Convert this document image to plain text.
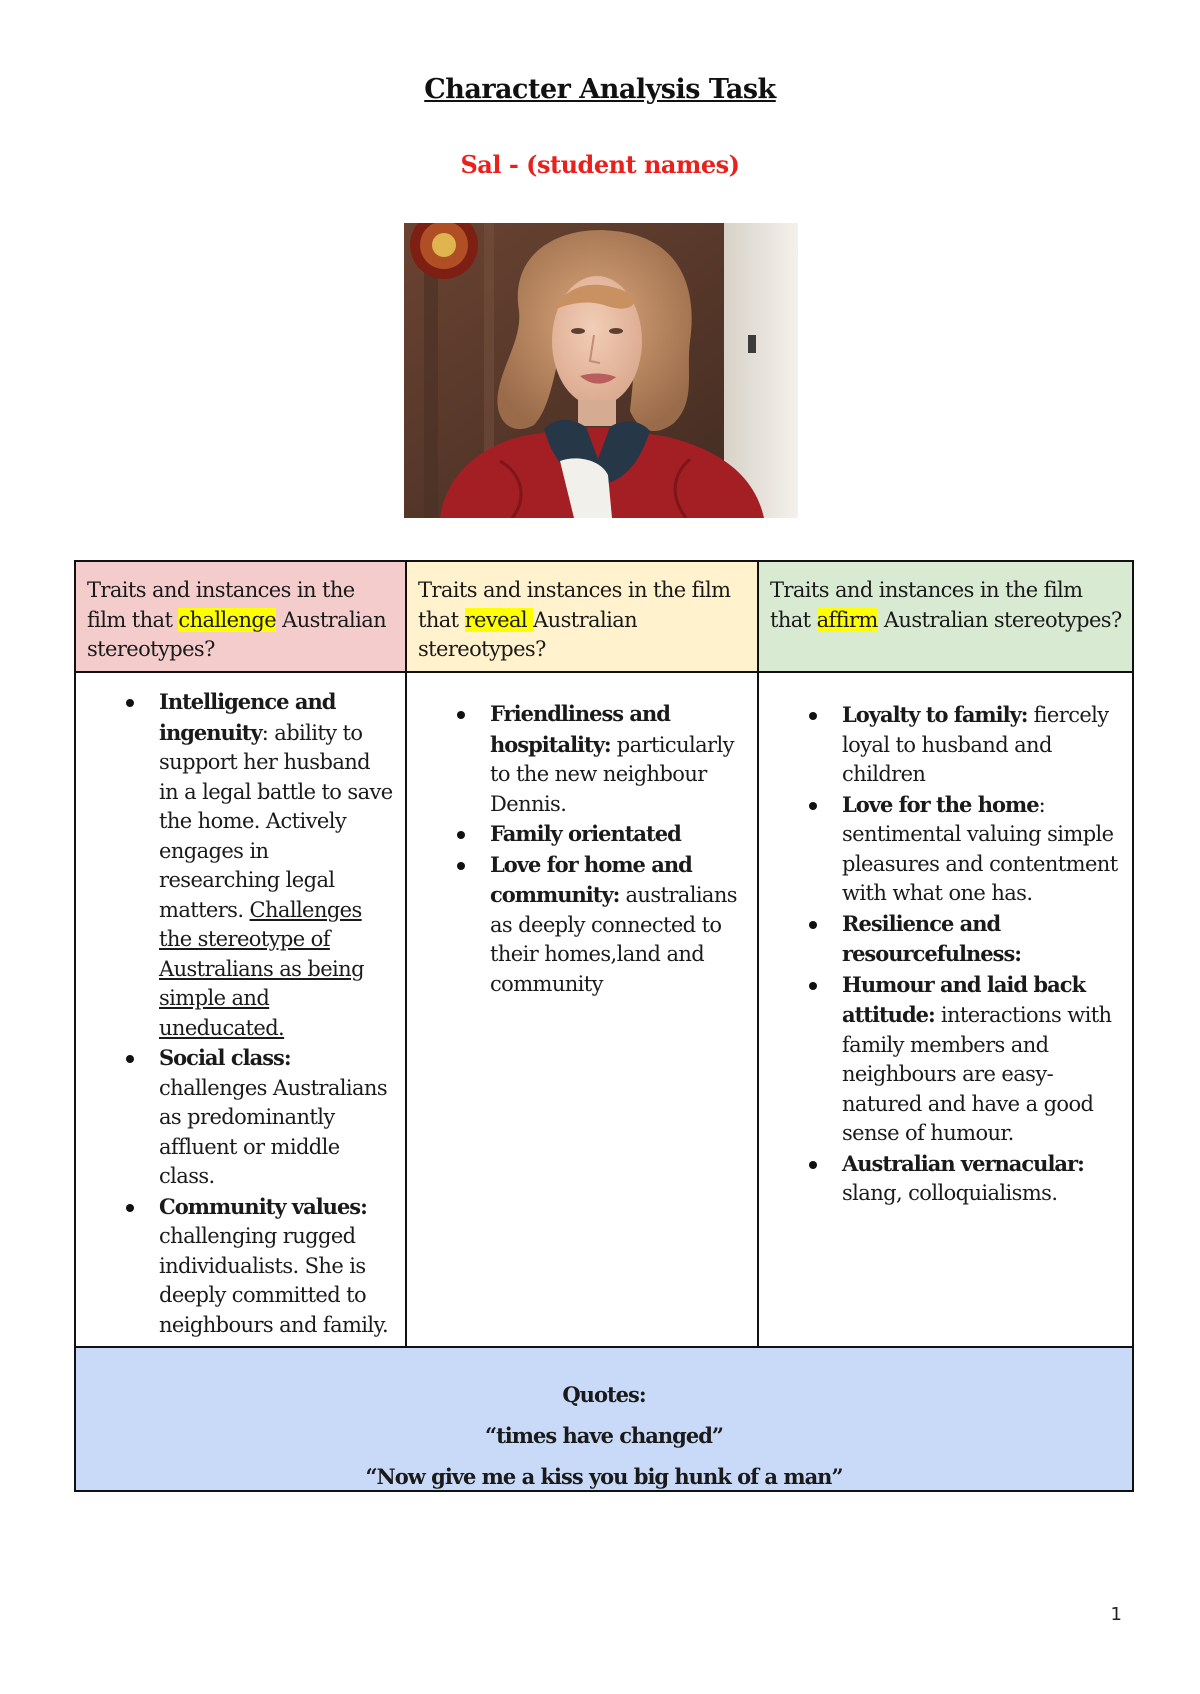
Character Analysis Task
Sal - (student names)
Traits and instances in the film that challenge Australian stereotypes?
Traits and instances in the film that reveal Australian stereotypes?
Traits and instances in the film that affirm Australian stereotypes?
Intelligence and ingenuity: ability to support her husband in a legal battle to save the home. Actively engages in researching legal matters. Challenges the stereotype of Australians as being simple and uneducated.
Social class: challenges Australians as predominantly affluent or middle class.
Community values: challenging rugged individualists. She is deeply committed to neighbours and family.
Friendliness and hospitality: particularly to the new neighbour Dennis.
Family orientated
Love for home and community: australians as deeply connected to their homes,land and community
Loyalty to family: fiercely loyal to husband and children
Love for the home: sentimental valuing simple pleasures and contentment with what one has.
Resilience and resourcefulness:
Humour and laid back attitude: interactions with family members and neighbours are easy-natured and have a good sense of humour.
Australian vernacular: slang, colloquialisms.
Quotes:
“times have changed”
“Now give me a kiss you big hunk of a man”
1
